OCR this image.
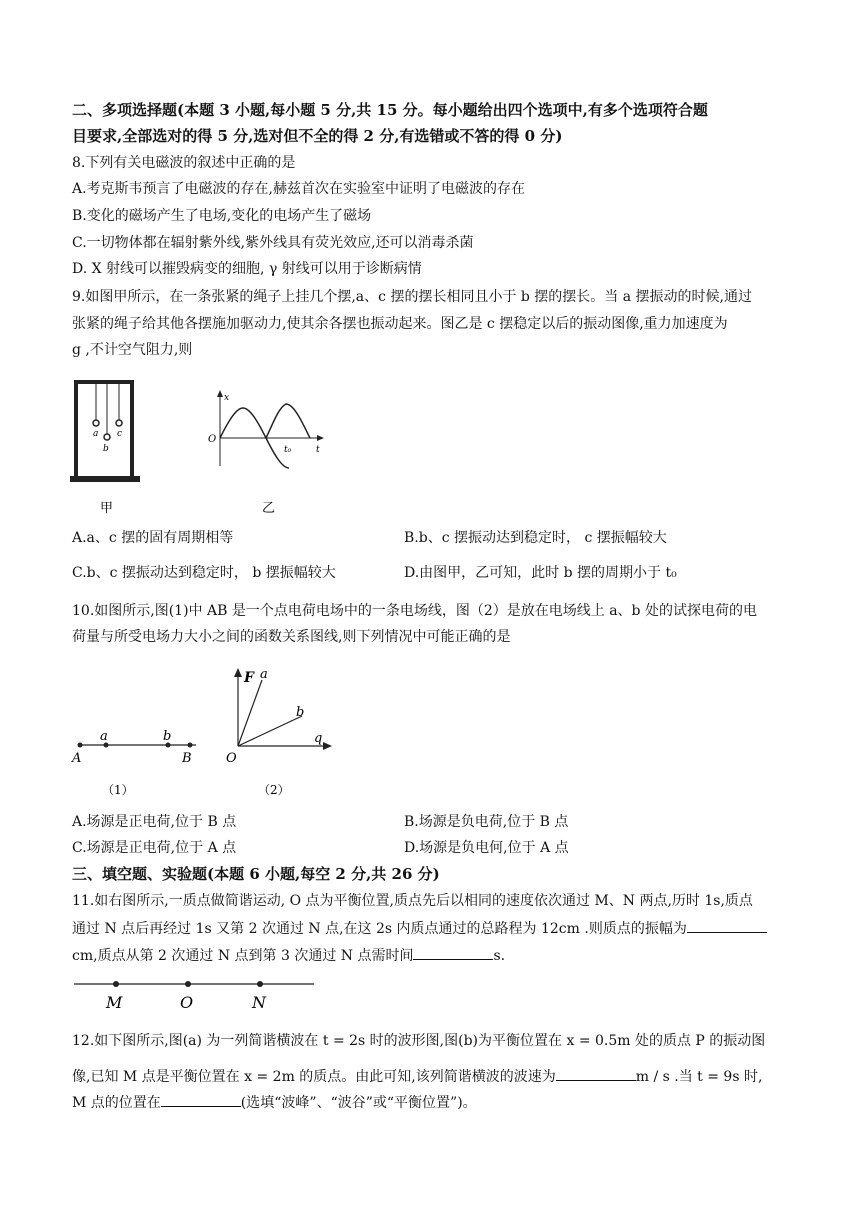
二、多项选择题(本题 3 小题,每小题 5 分,共 15 分。每小题给出四个选项中,有多个选项符合题
目要求,全部选对的得 5 分,选对但不全的得 2 分,有选错或不答的得 0 分)
8.下列有关电磁波的叙述中正确的是
A.考克斯韦预言了电磁波的存在,赫兹首次在实验室中证明了电磁波的存在
B.变化的磁场产生了电场,变化的电场产生了磁场
C.一切物体都在辐射紫外线,紫外线具有荧光效应,还可以消毒杀菌
D. X 射线可以摧毁病变的细胞, γ 射线可以用于诊断病情
9.如图甲所示，在一条张紧的绳子上挂几个摆,a、c 摆的摆长相同且小于 b 摆的摆长。当 a 摆振动的时候,通过
张紧的绳子给其他各摆施加驱动力,使其余各摆也振动起来。图乙是 c 摆稳定以后的振动图像,重力加速度为
g ,不计空气阻力,则
a
b
c
甲
x
O
t₀	t
乙
A.a、c 摆的固有周期相等	B.b、c 摆振动达到稳定时， c 摆振幅较大
C.b、c 摆振动达到稳定时， b 摆振幅较大	D.由图甲，乙可知，此时 b 摆的周期小于 t₀
10.如图所示,图(1)中 AB 是一个点电荷电场中的一条电场线，图（2）是放在电场线上 a、b 处的试探电荷的电
荷量与所受电场力大小之间的函数关系图线,则下列情况中可能正确的是
a	b
A	B
（1）
F a
b
q
O
（2）
A.场源是正电荷,位于 B 点	B.场源是负电荷,位于 B 点
C.场源是正电荷,位于 A 点	D.场源是负电何,位于 A 点
三、填空题、实验题(本题 6 小题,每空 2 分,共 26 分)
11.如右图所示,一质点做简谐运动, O 点为平衡位置,质点先后以相同的速度依次通过 M、N 两点,历时 1s,质点
通过 N 点后再经过 1s 又第 2 次通过 N 点,在这 2s 内质点通过的总路程为 12cm .则质点的振幅为
cm,质点从第 2 次通过 N 点到第 3 次通过 N 点需时间	s.
M	O	N
12.如下图所示,图(a) 为一列简谐横波在 t = 2s 时的波形图,图(b)为平衡位置在 x = 0.5m 处的质点 P 的振动图
像,已知 M 点是平衡位置在 x = 2m 的质点。由此可知,该列简谐横波的波速为	m / s .当 t = 9s 时,
M 点的位置在	(选填“波峰”、“波谷”或“平衡位置”)。
